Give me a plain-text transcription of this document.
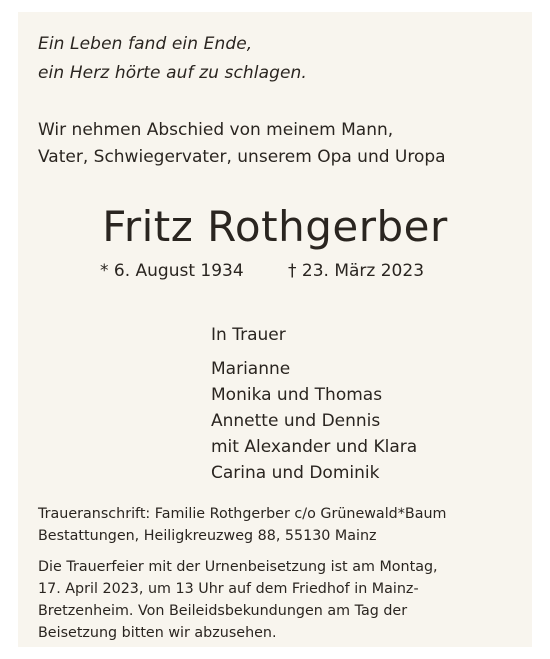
Ein Leben fand ein Ende,

ein Herz hörte auf zu schlagen.

Wir nehmen Abschied von meinem Mann,

Vater, Schwiegervater, unserem Opa und Uropa

Fritz Rothgerber

* 6. August 1934	† 23. März 2023

In Trauer

Marianne

Monika und Thomas

Annette und Dennis

mit Alexander und Klara

Carina und Dominik

Traueranschrift: Familie Rothgerber c/o Grünewald*Baum

Bestattungen, Heiligkreuzweg 88, 55130 Mainz

Die Trauerfeier mit der Urnenbeisetzung ist am Montag,

17. April 2023, um 13 Uhr auf dem Friedhof in Mainz-

Bretzenheim. Von Beileidsbekundungen am Tag der

Beisetzung bitten wir abzusehen.
